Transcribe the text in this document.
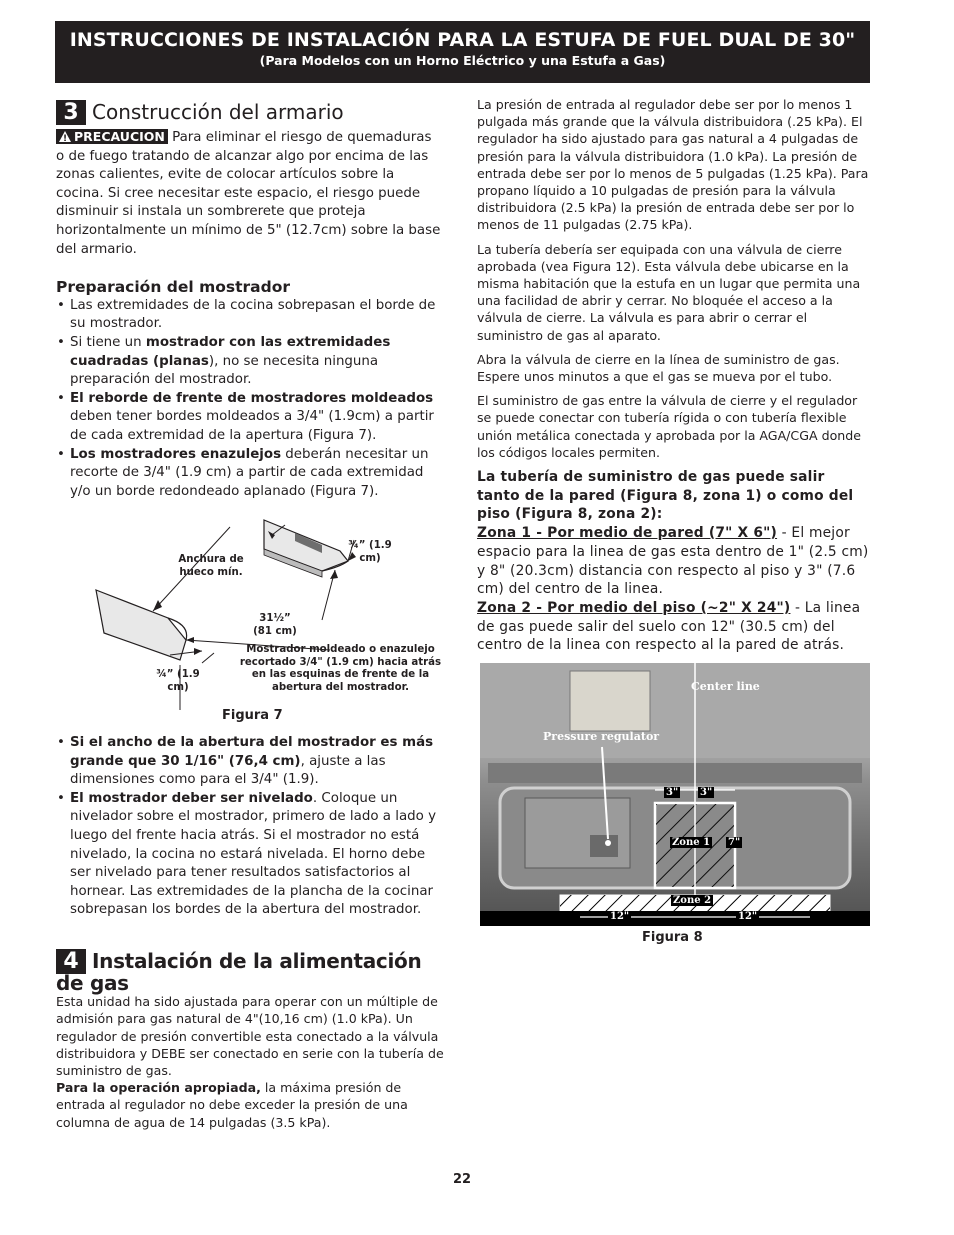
INSTRUCCIONES DE INSTALACIÓN PARA LA ESTUFA DE FUEL DUAL DE 30"
(Para Modelos con un Horno Eléctrico y una Estufa a Gas)
3 Construcción del armario

!PRECAUCION Para eliminar el riesgo de quemaduras o de fuego tratando de alcanzar algo por encima de las zonas calientes, evite de colocar artículos sobre la cocina. Si cree necesitar este espacio, el riesgo puede disminuir si instala un sombrerete que proteja horizontalmente un mínimo de 5" (12.7cm) sobre la base del armario.

Preparación del mostrador
• Las extremidades de la cocina sobrepasan el borde de su mostrador.
• Si tiene un mostrador con las extremidades cuadradas (planas), no se necesita ninguna preparación del mostrador.
• El reborde de frente de mostradores moldeados deben tener bordes moldeados a 3/4" (1.9cm) a partir de cada extremidad de la apertura (Figura 7).
• Los mostradores enazulejos deberán necesitar un recorte de 3/4" (1.9 cm) a partir de cada extremidad y/o un borde redondeado aplanado (Figura 7).
Anchura de hueco mín.
¾” (1.9 cm)
31½” (81 cm)
Mostrador moldeado o enazulejo recortado 3/4" (1.9 cm) hacia atrás en las esquinas de frente de la abertura del mostrador.
¾” (1.9 cm)
Figura 7
• Si el ancho de la abertura del mostrador es más grande que 30 1/16" (76,4 cm), ajuste a las dimensiones como para el 3/4" (1.9).
• El mostrador deber ser nivelado. Coloque un nivelador sobre el mostrador, primero de lado a lado y luego del frente hacia atrás. Si el mostrador no está nivelado, la cocina no estará nivelada. El horno debe ser nivelado para tener resultados satisfactorios al hornear. Las extremidades de la plancha de la cocinar sobrepasan los bordes de la abertura del mostrador.
4 Instalación de la alimentación de gas

Esta unidad ha sido ajustada para operar con un múltiple de admisión para gas natural de 4"(10,16 cm) (1.0 kPa). Un regulador de presión convertible esta conectado a la válvula distribuidora y DEBE ser conectado en serie con la tubería de suministro de gas.

Para la operación apropiada, la máxima presión de entrada al regulador no debe exceder la presión de una columna de agua de 14 pulgadas (3.5 kPa).

La presión de entrada al regulador debe ser por lo menos 1 pulgada más grande que la válvula distribuidora (.25 kPa). El regulador ha sido ajustado para gas natural a 4 pulgadas de presión para la válvula distribuidora (1.0 kPa). La presión de entrada debe ser por lo menos de 5 pulgadas (1.25 kPa). Para propano líquido a 10 pulgadas de presión para la válvula distribuidora (2.5 kPa) la presión de entrada debe ser por lo menos de 11 pulgadas (2.75 kPa).

La tubería debería ser equipada con una válvula de cierre aprobada (vea Figura 12). Esta válvula debe ubicarse en la misma habitación que la estufa en un lugar que permita una una facilidad de abrir y cerrar. No bloquée el acceso a la válvula de cierre. La válvula es para abrir o cerrar el suministro de gas al aparato.

Abra la válvula de cierre en la línea de suministro de gas. Espere unos minutos a que el gas se mueva por el tubo.

El suministro de gas entre la válvula de cierre y el regulador se puede conectar con tubería rígida o con tubería flexible unión metálica conectada y aprobada por la AGA/CGA donde los códigos locales permiten.

La tubería de suministro de gas puede salir tanto de la pared (Figura 8, zona 1) o como del piso (Figura 8, zona 2):

Zona 1 - Por medio de pared (7" X 6") - El mejor espacio para la linea de gas esta dentro de 1" (2.5 cm) y 8" (20.3cm) distancia con respecto al piso y 3" (7.6 cm) del centro de la linea.

Zona 2 - Por medio del piso (~2" X 24") - La linea de gas puede salir del suelo con 12" (30.5 cm) del centro de la linea con respecto al la pared de atrás.

Center line
Pressure regulator
3" 3"
7"
Zone 1
Zone 2
12"	12"
Figura 8
22
